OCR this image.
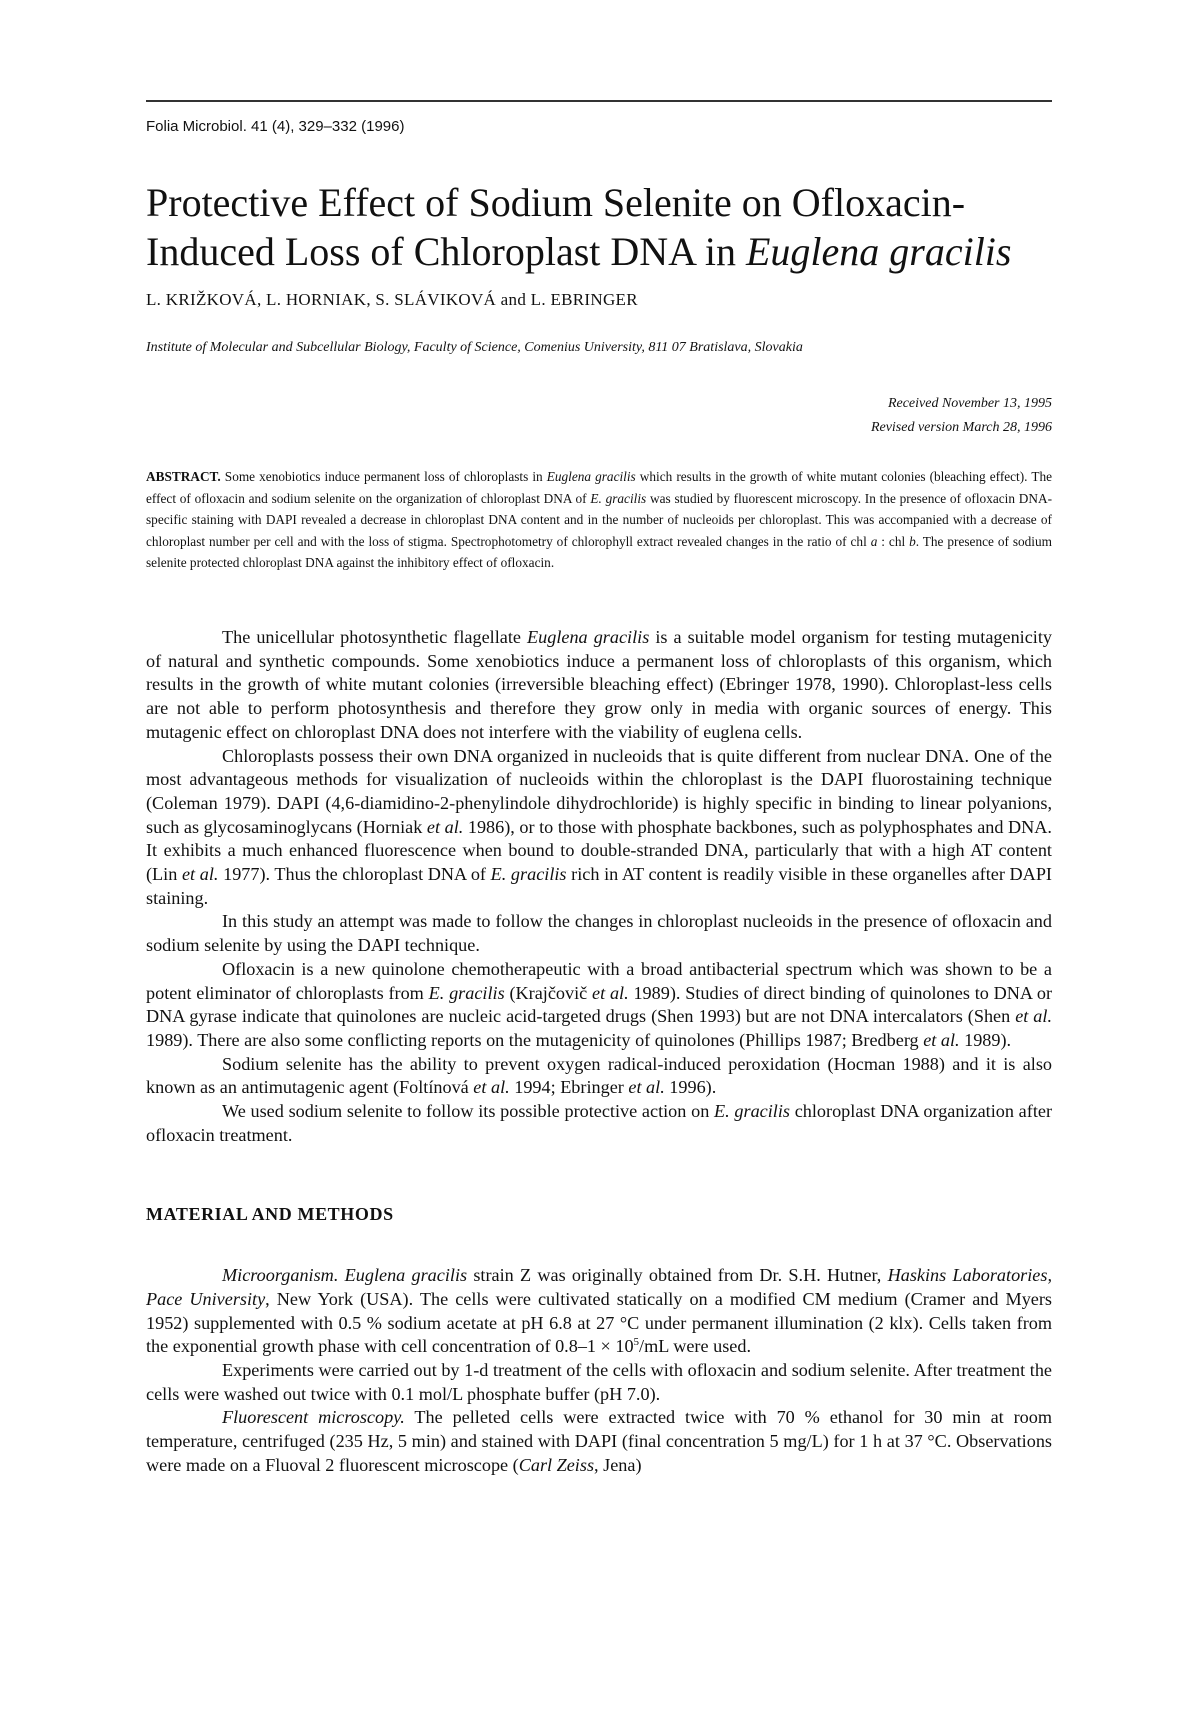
Folia Microbiol. 41 (4), 329–332 (1996)
Protective Effect of Sodium Selenite on Ofloxacin-
Induced Loss of Chloroplast DNA in Euglena gracilis
L. KRIŽKOVÁ, L. HORNIAK, S. SLÁVIKOVÁ and L. EBRINGER
Institute of Molecular and Subcellular Biology, Faculty of Science, Comenius University, 811 07 Bratislava, Slovakia
Received November 13, 1995
Revised version March 28, 1996

ABSTRACT. Some xenobiotics induce permanent loss of chloroplasts in Euglena gracilis which results in the growth of white mutant colonies (bleaching effect). The effect of ofloxacin and sodium selenite on the organization of chloroplast DNA of E. gracilis was studied by fluorescent microscopy. In the presence of ofloxacin DNA-specific staining with DAPI revealed a decrease in chloroplast DNA content and in the number of nucleoids per chloroplast. This was accompanied with a decrease of chloroplast number per cell and with the loss of stigma. Spectrophotometry of chlorophyll extract revealed changes in the ratio of chl a : chl b. The presence of sodium selenite protected chloroplast DNA against the inhibitory effect of ofloxacin.

The unicellular photosynthetic flagellate Euglena gracilis is a suitable model organism for testing mutagenicity of natural and synthetic compounds. Some xenobiotics induce a permanent loss of chloroplasts of this organism, which results in the growth of white mutant colonies (irreversible bleaching effect) (Ebringer 1978, 1990). Chloroplast-less cells are not able to perform photosynthesis and therefore they grow only in media with organic sources of energy. This mutagenic effect on chloroplast DNA does not interfere with the viability of euglena cells.

Chloroplasts possess their own DNA organized in nucleoids that is quite different from nuclear DNA. One of the most advantageous methods for visualization of nucleoids within the chloroplast is the DAPI fluorostaining technique (Coleman 1979). DAPI (4,6-diamidino-2-phenylindole dihydrochloride) is highly specific in binding to linear polyanions, such as glycosaminoglycans (Horniak et al. 1986), or to those with phosphate backbones, such as polyphosphates and DNA. It exhibits a much enhanced fluorescence when bound to double-stranded DNA, particularly that with a high AT content (Lin et al. 1977). Thus the chloroplast DNA of E. gracilis rich in AT content is readily visible in these organelles after DAPI staining.

In this study an attempt was made to follow the changes in chloroplast nucleoids in the presence of ofloxacin and sodium selenite by using the DAPI technique.

Ofloxacin is a new quinolone chemotherapeutic with a broad antibacterial spectrum which was shown to be a potent eliminator of chloroplasts from E. gracilis (Krajčovič et al. 1989). Studies of direct binding of quinolones to DNA or DNA gyrase indicate that quinolones are nucleic acid-targeted drugs (Shen 1993) but are not DNA intercalators (Shen et al. 1989). There are also some conflicting reports on the mutagenicity of quinolones (Phillips 1987; Bredberg et al. 1989).

Sodium selenite has the ability to prevent oxygen radical-induced peroxidation (Hocman 1988) and it is also known as an antimutagenic agent (Foltínová et al. 1994; Ebringer et al. 1996).

We used sodium selenite to follow its possible protective action on E. gracilis chloroplast DNA organization after ofloxacin treatment.

MATERIAL AND METHODS

Microorganism. Euglena gracilis strain Z was originally obtained from Dr. S.H. Hutner, Haskins Laboratories, Pace University, New York (USA). The cells were cultivated statically on a modified CM medium (Cramer and Myers 1952) supplemented with 0.5 % sodium acetate at pH 6.8 at 27 °C under permanent illumination (2 klx). Cells taken from the exponential growth phase with cell concentration of $0.8-1 \times 10^5/mL$ were used.

Experiments were carried out by 1-d treatment of the cells with ofloxacin and sodium selenite. After treatment the cells were washed out twice with 0.1 mol/L phosphate buffer (pH 7.0).

Fluorescent microscopy. The pelleted cells were extracted twice with 70 % ethanol for 30 min at room temperature, centrifuged (235 Hz, 5 min) and stained with DAPI (final concentration 5 mg/L) for 1 h at 37 °C. Observations were made on a Fluoval 2 fluorescent microscope (Carl Zeiss, Jena)
